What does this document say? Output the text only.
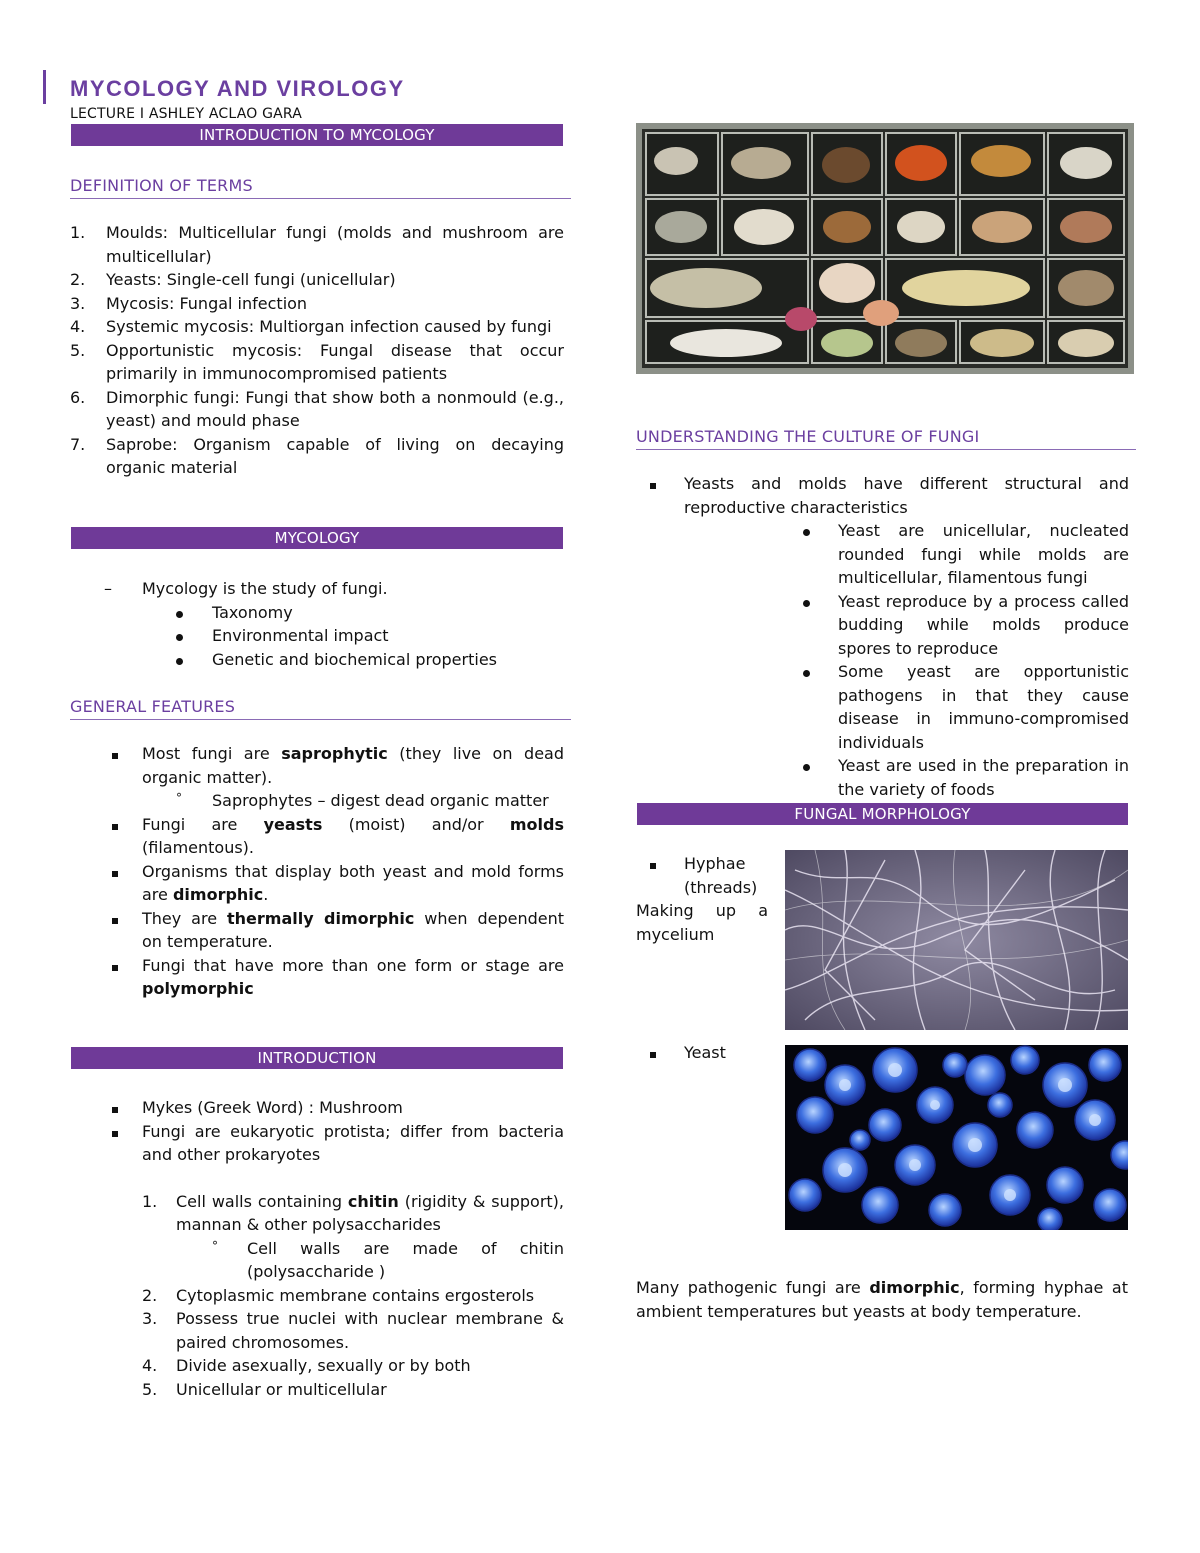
MYCOLOGY AND VIROLOGY
LECTURE I ASHLEY ACLAO GARA
INTRODUCTION TO MYCOLOGY
DEFINITION OF TERMS
1. Moulds: Multicellular fungi (molds and mushroom are multicellular)
2. Yeasts: Single-cell fungi (unicellular)
3. Mycosis: Fungal infection
4. Systemic mycosis: Multiorgan infection caused by fungi
5. Opportunistic mycosis: Fungal disease that occur primarily in immunocompromised patients
6. Dimorphic fungi: Fungi that show both a nonmould (e.g., yeast) and mould phase
7. Saprobe: Organism capable of living on decaying organic material
MYCOLOGY
– Mycology is the study of fungi.
Taxonomy
Environmental impact
Genetic and biochemical properties
GENERAL FEATURES
Most fungi are saprophytic (they live on dead organic matter).
° Saprophytes – digest dead organic matter
Fungi are yeasts (moist) and/or molds (filamentous).
Organisms that display both yeast and mold forms are dimorphic.
They are thermally dimorphic when dependent on temperature.
Fungi that have more than one form or stage are polymorphic
INTRODUCTION
Mykes (Greek Word) : Mushroom
Fungi are eukaryotic protista; differ from bacteria and other prokaryotes
1. Cell walls containing chitin (rigidity & support), mannan & other polysaccharides
° Cell walls are made of chitin (polysaccharide )
2. Cytoplasmic membrane contains ergosterols
3. Possess true nuclei with nuclear membrane & paired chromosomes.
4. Divide asexually, sexually or by both
5. Unicellular or multicellular
UNDERSTANDING THE CULTURE OF FUNGI
Yeasts and molds have different structural and reproductive characteristics
Yeast are unicellular, nucleated rounded fungi while molds are multicellular, filamentous fungi
Yeast reproduce by a process called budding while molds produce spores to reproduce
Some yeast are opportunistic pathogens in that they cause disease in immuno-compromised individuals
Yeast are used in the preparation in the variety of foods
FUNGAL MORPHOLOGY
Hyphae (threads)
Making up a mycelium
Yeast
Many pathogenic fungi are dimorphic, forming hyphae at ambient temperatures but yeasts at body temperature.
